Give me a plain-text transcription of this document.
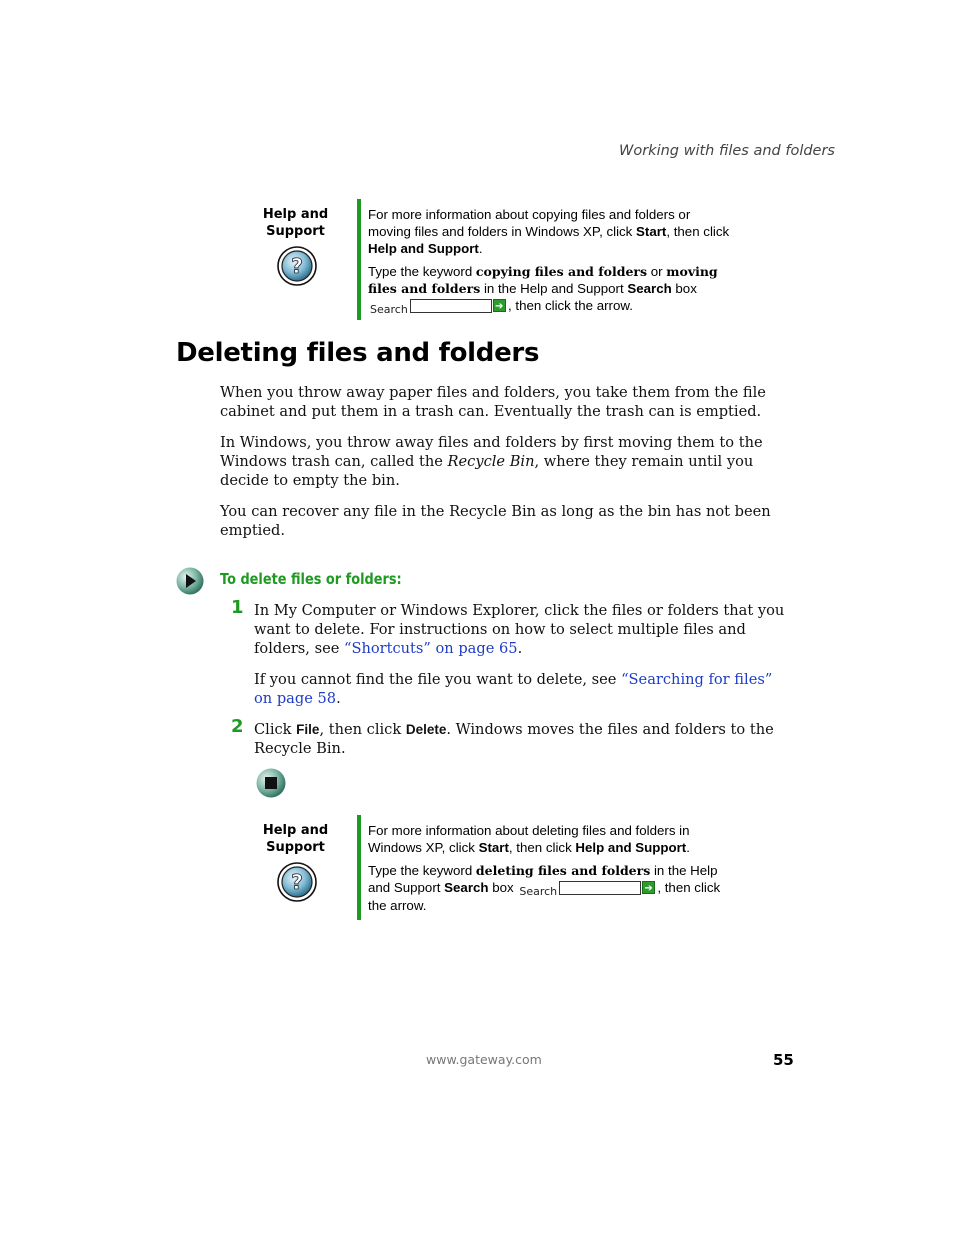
Working with files and folders
Help and
Support
?

For more information about copying files and folders or moving files and folders in Windows XP, click Start, then click Help and Support.

Type the keyword copying files and folders or moving files and folders in the Help and Support Search box

Search ➔	, then click the arrow.

Deleting files and folders

When you throw away paper files and folders, you take them from the file cabinet and put them in a trash can. Eventually the trash can is emptied.

In Windows, you throw away files and folders by first moving them to the Windows trash can, called the Recycle Bin, where they remain until you decide to empty the bin.

You can recover any file in the Recycle Bin as long as the bin has not been emptied.

To delete files or folders:
1 In My Computer or Windows Explorer, click the files or folders that you want to delete. For instructions on how to select multiple files and folders, see “Shortcuts” on page 65.

If you cannot find the file you want to delete, see “Searching for files” on page 58.

2 Click File, then click Delete. Windows moves the files and folders to the Recycle Bin.

Help and
Support
?

For more information about deleting files and folders in Windows XP, click Start, then click Help and Support.

Type the keyword deleting files and folders in the Help and Support Search box Search ➔	, then click the arrow.

www.gateway.com	55
